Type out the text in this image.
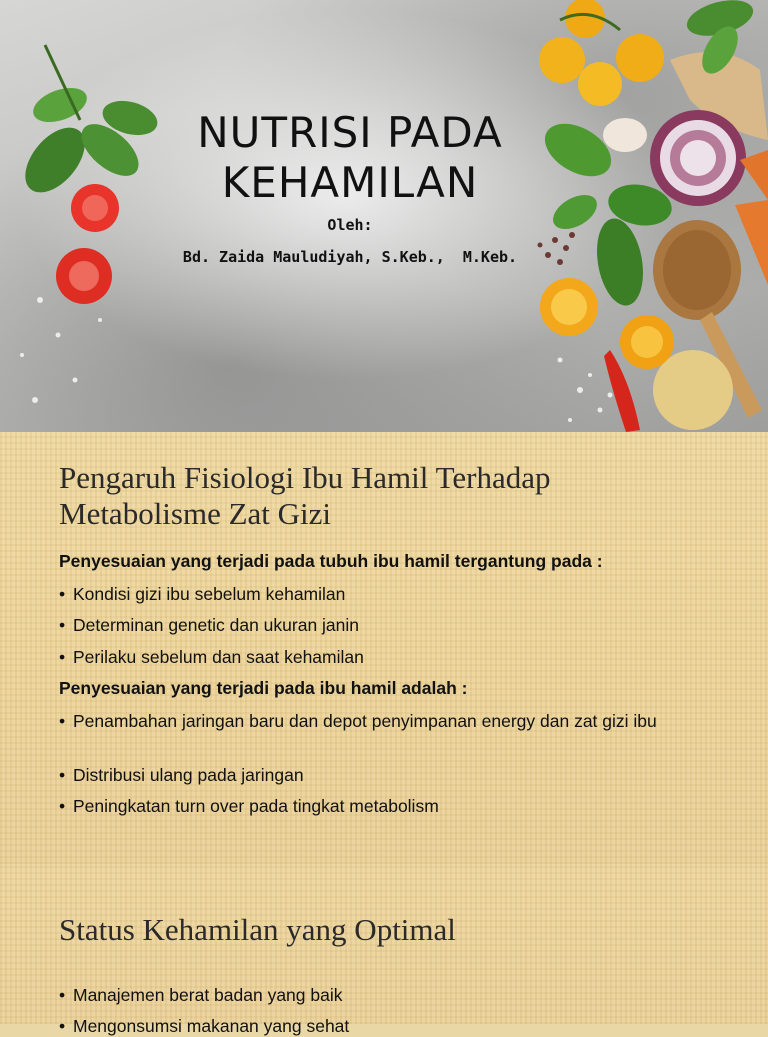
NUTRISI PADA
KEHAMILAN
Oleh:
Bd. Zaida Mauludiyah, S.Keb.,  M.Keb.
Pengaruh Fisiologi Ibu Hamil Terhadap Metabolisme Zat Gizi
Penyesuaian yang terjadi pada tubuh ibu hamil tergantung pada :
• Kondisi gizi ibu sebelum kehamilan
• Determinan genetic dan ukuran janin
• Perilaku sebelum dan saat kehamilan
Penyesuaian yang terjadi pada ibu hamil adalah :
• Penambahan jaringan baru dan depot penyimpanan energy dan zat gizi ibu
• Distribusi ulang pada jaringan
• Peningkatan turn over pada tingkat metabolism
Status Kehamilan yang Optimal
• Manajemen berat badan yang baik
• Mengonsumsi makanan yang sehat
